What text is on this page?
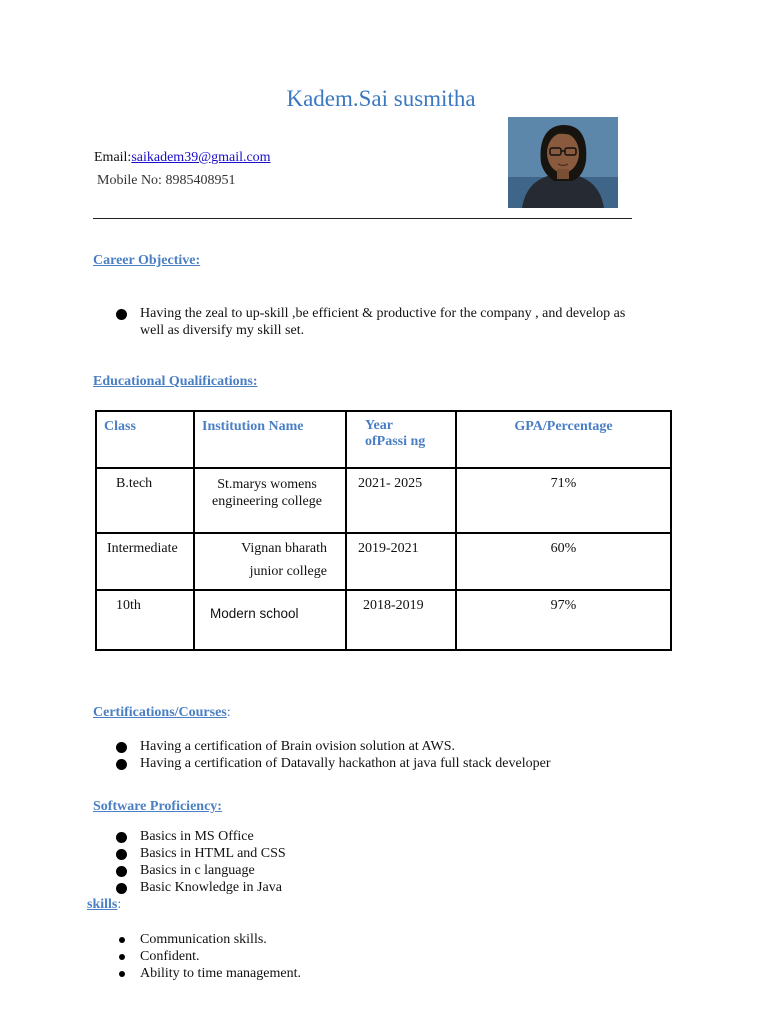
Kadem.Sai susmitha
Email:saikadem39@gmail.com
Mobile No: 8985408951
Career Objective:
Having the zeal to up-skill ,be efficient & productive for the company , and develop as well as diversify my skill set.
Educational Qualifications:
Class	Institution Name	Year ofPassi ng	GPA/Percentage

B.tech	St.marys womens engineering college	2021- 2025	71%

Intermediate	Vignan bharath junior college	2019-2021	60%

10th	Modern school	2018-2019	97%
Certifications/Courses:
Having a certification of Brain ovision solution at AWS.
Having a certification of Datavally hackathon at java full stack developer
Software Proficiency:
Basics in MS Office
Basics in HTML and CSS
Basics in c language
Basic Knowledge in Java
skills:
Communication skills.
Confident.
Ability to time management.
